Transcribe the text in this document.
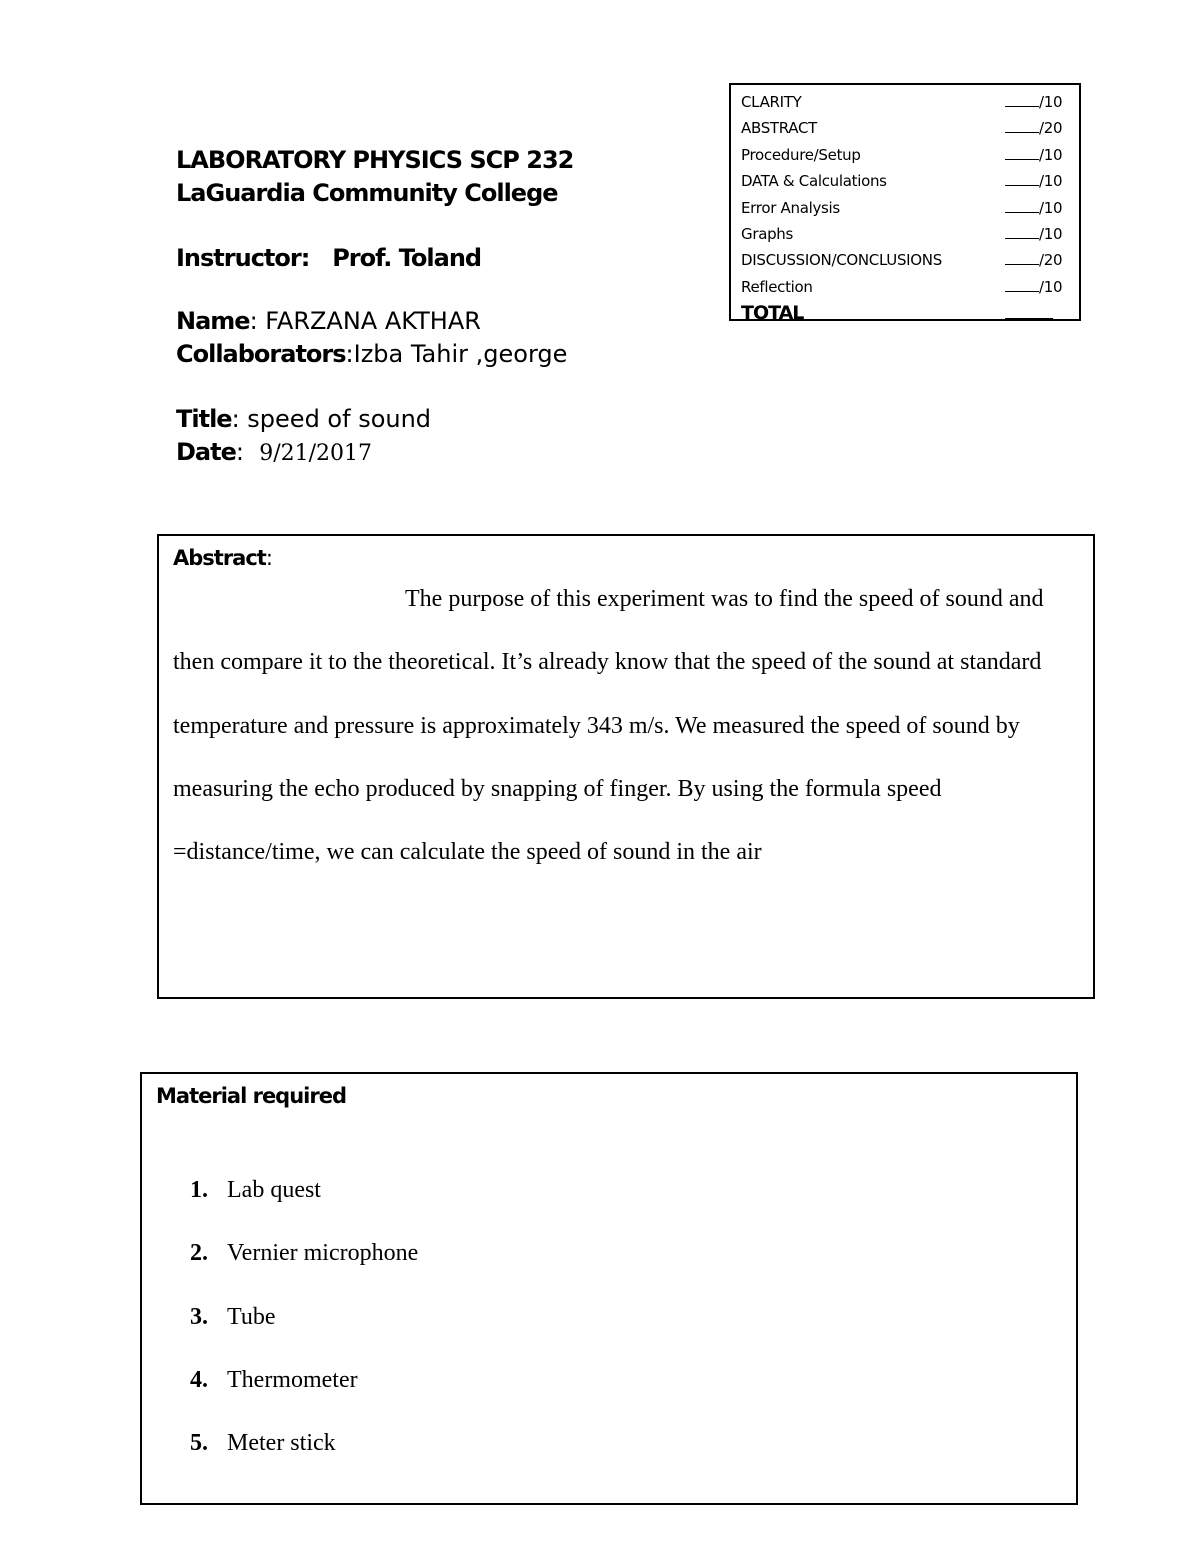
CLARITY	/10
ABSTRACT	/20
Procedure/Setup	/10
DATA & Calculations	/10
Error Analysis	/10
Graphs	/10
DISCUSSION/CONCLUSIONS	/20
Reflection	/10
TOTAL
LABORATORY PHYSICS SCP 232
LaGuardia Community College
Instructor: Prof. Toland
Name: FARZANA AKTHAR
Collaborators:Izba Tahir ,george
Title: speed of sound
Date: 9/21/2017
Abstract:

The purpose of this experiment was to find the speed of sound and then compare it to the theoretical. It’s already know that the speed of the sound at standard temperature and pressure is approximately 343 m/s. We measured the speed of sound by measuring the echo produced by snapping of finger. By using the formula speed =distance/time, we can calculate the speed of sound in the air

Material required
1. Lab quest
2. Vernier microphone
3. Tube
4. Thermometer
5. Meter stick
